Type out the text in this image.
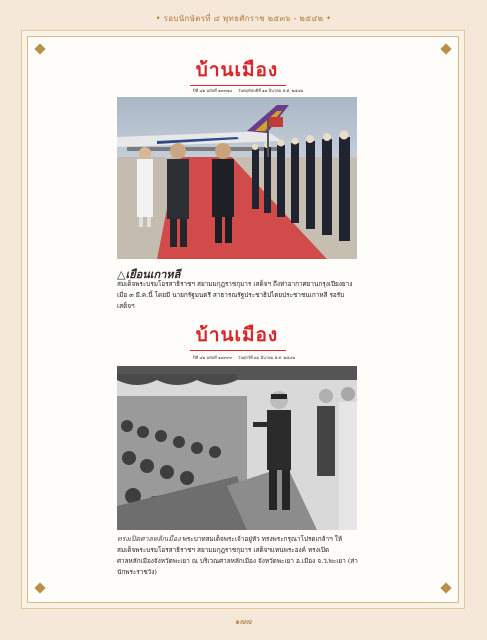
• รอบนักษัตรที่ ๔ พุทธศักราช ๒๕๓๖ - ๒๕๔๒ •
บ้านเมือง
ปีที่ ๔๒ ฉบับที่ ๑๓๙๗๔ วันพฤหัสบดีที่ ๑๑ มีนาคม พ.ศ. ๒๕๔๒
△เยือนเกาหลี
สมเด็จพระบรมโอรสาธิราชฯ สยามมกุฎราชกุมาร เสด็จฯ ถึงท่าอากาศยานกรุงเปียงยาง เมื่อ ๓ มี.ค.นี้ โดยมี นายกรัฐมนตรี สาธารณรัฐประชาธิปไตยประชาชนเกาหลี รอรับเสด็จฯ
บ้านเมือง
ปีที่ ๔๒ ฉบับที่ ๑๓๙๙๓ วันศุกร์ที่ ๒๖ มีนาคม พ.ศ. ๒๕๔๒
ทรงเปิดศาลหลักเมือง พระบาทสมเด็จพระเจ้าอยู่หัว ทรงพระกรุณาโปรดเกล้าฯ ให้ สมเด็จพระบรมโอรสาธิราชฯ สยามมกุฎราชกุมาร เสด็จฯแทนพระองค์ ทรงเปิดศาลหลักเมืองจังหวัดพะเยา ณ บริเวณศาลหลักเมือง จังหวัดพะเยา อ.เมือง จ.ว.พะเยา (ส่านักพระราชวัง)
๑๗๗
